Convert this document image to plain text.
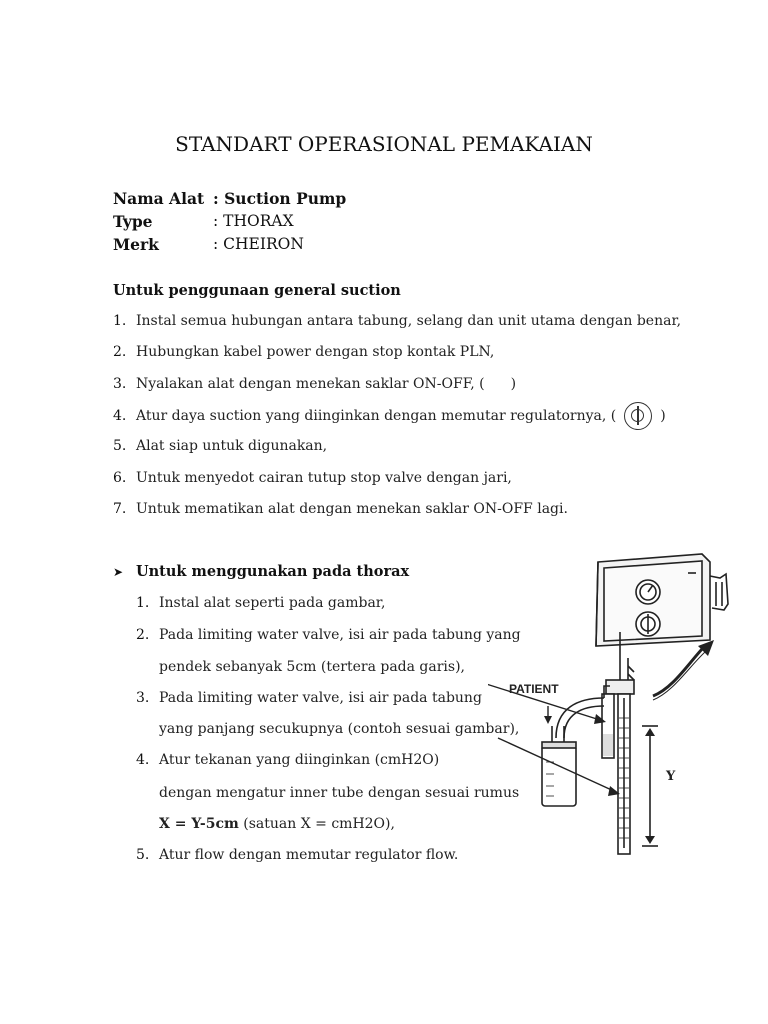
STANDART OPERASIONAL PEMAKAIAN
Nama Alat : Suction Pump
Type	: THORAX
Merk	: CHEIRON
Untuk penggunaan general suction
1. Instal semua hubungan antara tabung, selang dan unit utama dengan benar,
2. Hubungkan kabel power dengan stop kontak PLN,
3. Nyalakan alat dengan menekan saklar ON-OFF, ( )
4. Atur daya suction yang diinginkan dengan memutar regulatornya, (	)
5. Alat siap untuk digunakan,
6. Untuk menyedot cairan tutup stop valve dengan jari,
7. Untuk mematikan alat dengan menekan saklar ON-OFF lagi.
➤ Untuk menggunakan pada thorax
1. Instal alat seperti pada gambar,
2. Pada limiting water valve, isi air pada tabung yang
pendek sebanyak 5cm (tertera pada garis),
3. Pada limiting water valve, isi air pada tabung
yang panjang secukupnya (contoh sesuai gambar),
4. Atur tekanan yang diinginkan (cmH2O)
dengan mengatur inner tube dengan sesuai rumus
X = Y-5cm (satuan X = cmH2O),
5. Atur flow dengan memutar regulator flow.
PATIENT
Y
